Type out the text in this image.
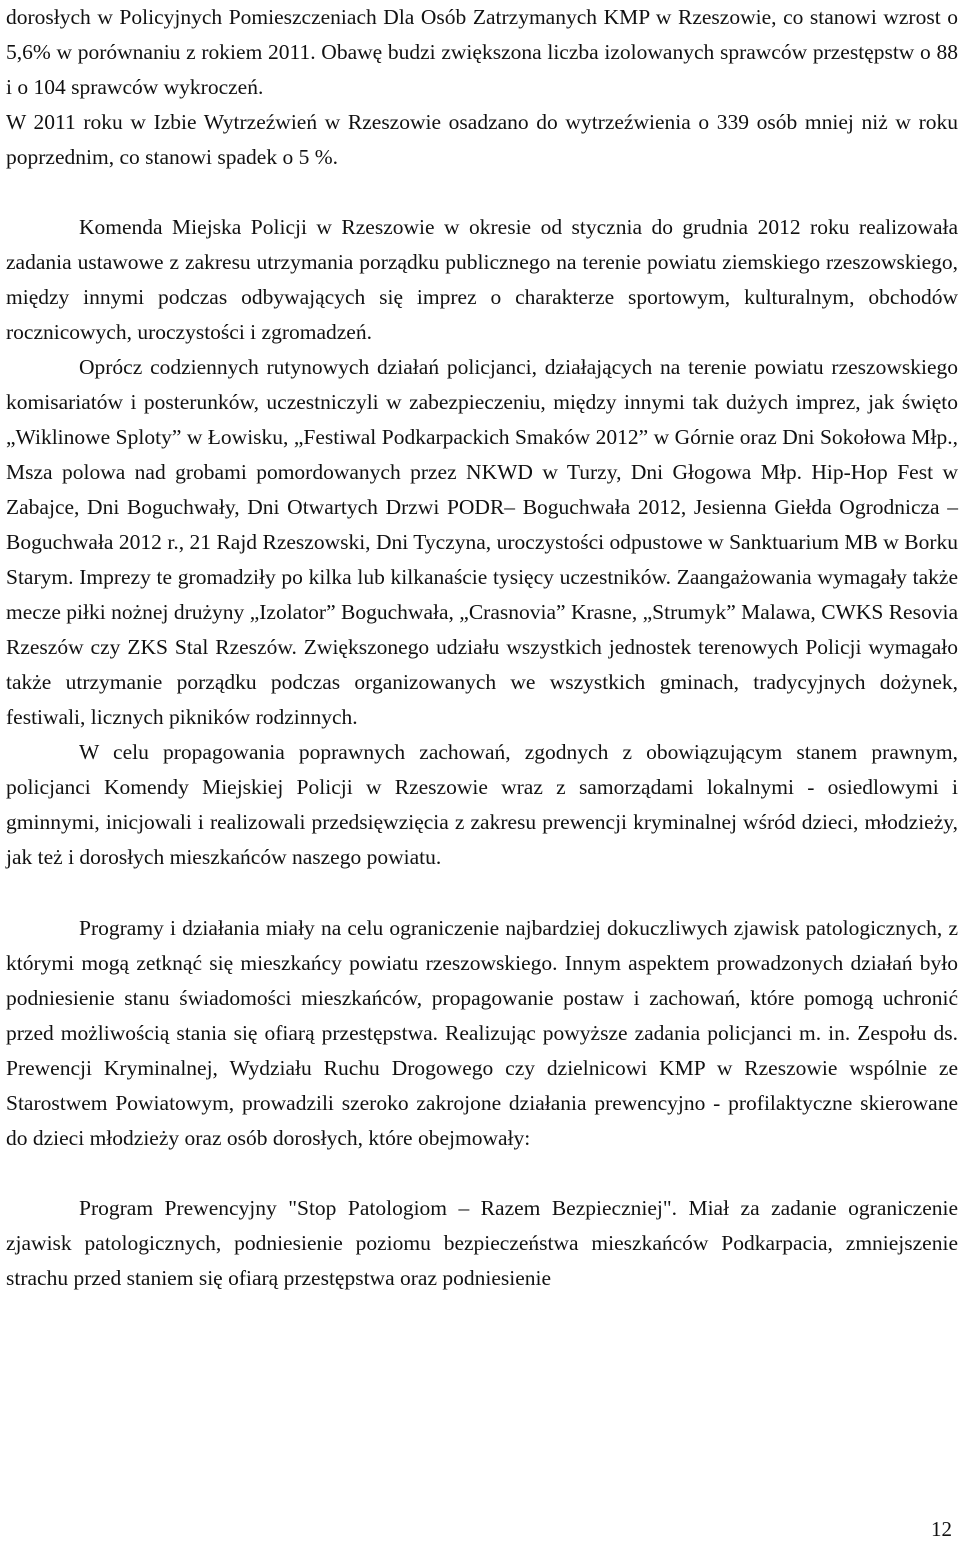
dorosłych w Policyjnych Pomieszczeniach Dla Osób Zatrzymanych KMP w Rzeszowie, co stanowi wzrost o 5,6% w porównaniu z rokiem 2011. Obawę budzi zwiększona liczba izolowanych sprawców przestępstw o 88 i o 104 sprawców wykroczeń.

W 2011 roku w Izbie Wytrzeźwień w Rzeszowie osadzano do wytrzeźwienia o 339 osób mniej niż w roku poprzednim, co stanowi spadek o 5 %.

Komenda Miejska Policji w Rzeszowie w okresie od stycznia do grudnia 2012 roku realizowała zadania ustawowe z zakresu utrzymania porządku publicznego na terenie powiatu ziemskiego rzeszowskiego, między innymi podczas odbywających się imprez o charakterze sportowym, kulturalnym, obchodów rocznicowych, uroczystości i zgromadzeń.

Oprócz codziennych rutynowych działań policjanci, działających na terenie powiatu rzeszowskiego komisariatów i posterunków, uczestniczyli w zabezpieczeniu, między innymi tak dużych imprez, jak święto „Wiklinowe Sploty” w Łowisku, „Festiwal Podkarpackich Smaków 2012” w Górnie oraz Dni Sokołowa Młp., Msza polowa nad grobami pomordowanych przez NKWD w Turzy, Dni Głogowa Młp. Hip-Hop Fest w Zabajce, Dni Boguchwały, Dni Otwartych Drzwi PODR– Boguchwała 2012, Jesienna Giełda Ogrodnicza – Boguchwała 2012 r., 21 Rajd Rzeszowski, Dni Tyczyna, uroczystości odpustowe w Sanktuarium MB w Borku Starym. Imprezy te gromadziły po kilka lub kilkanaście tysięcy uczestników. Zaangażowania wymagały także mecze piłki nożnej drużyny „Izolator” Boguchwała, „Crasnovia” Krasne, „Strumyk” Malawa, CWKS Resovia Rzeszów czy ZKS Stal Rzeszów. Zwiększonego udziału wszystkich jednostek terenowych Policji wymagało także utrzymanie porządku podczas organizowanych we wszystkich gminach, tradycyjnych dożynek, festiwali, licznych pikników rodzinnych.

W celu propagowania poprawnych zachowań, zgodnych z obowiązującym stanem prawnym, policjanci Komendy Miejskiej Policji w Rzeszowie wraz z samorządami lokalnymi - osiedlowymi i gminnymi, inicjowali i realizowali przedsięwzięcia z zakresu prewencji kryminalnej wśród dzieci, młodzieży, jak też i dorosłych mieszkańców naszego powiatu.

Programy i działania miały na celu ograniczenie najbardziej dokuczliwych zjawisk patologicznych, z którymi mogą zetknąć się mieszkańcy powiatu rzeszowskiego. Innym aspektem prowadzonych działań było podniesienie stanu świadomości mieszkańców, propagowanie postaw i zachowań, które pomogą uchronić przed możliwością stania się ofiarą przestępstwa. Realizując powyższe zadania policjanci m. in. Zespołu ds. Prewencji Kryminalnej, Wydziału Ruchu Drogowego czy dzielnicowi KMP w Rzeszowie wspólnie ze Starostwem Powiatowym, prowadzili szeroko zakrojone działania prewencyjno - profilaktyczne skierowane do dzieci młodzieży oraz osób dorosłych, które obejmowały:

Program Prewencyjny "Stop Patologiom – Razem Bezpieczniej". Miał za zadanie ograniczenie zjawisk patologicznych, podniesienie poziomu bezpieczeństwa mieszkańców Podkarpacia, zmniejszenie strachu przed staniem się ofiarą przestępstwa oraz podniesienie

12
